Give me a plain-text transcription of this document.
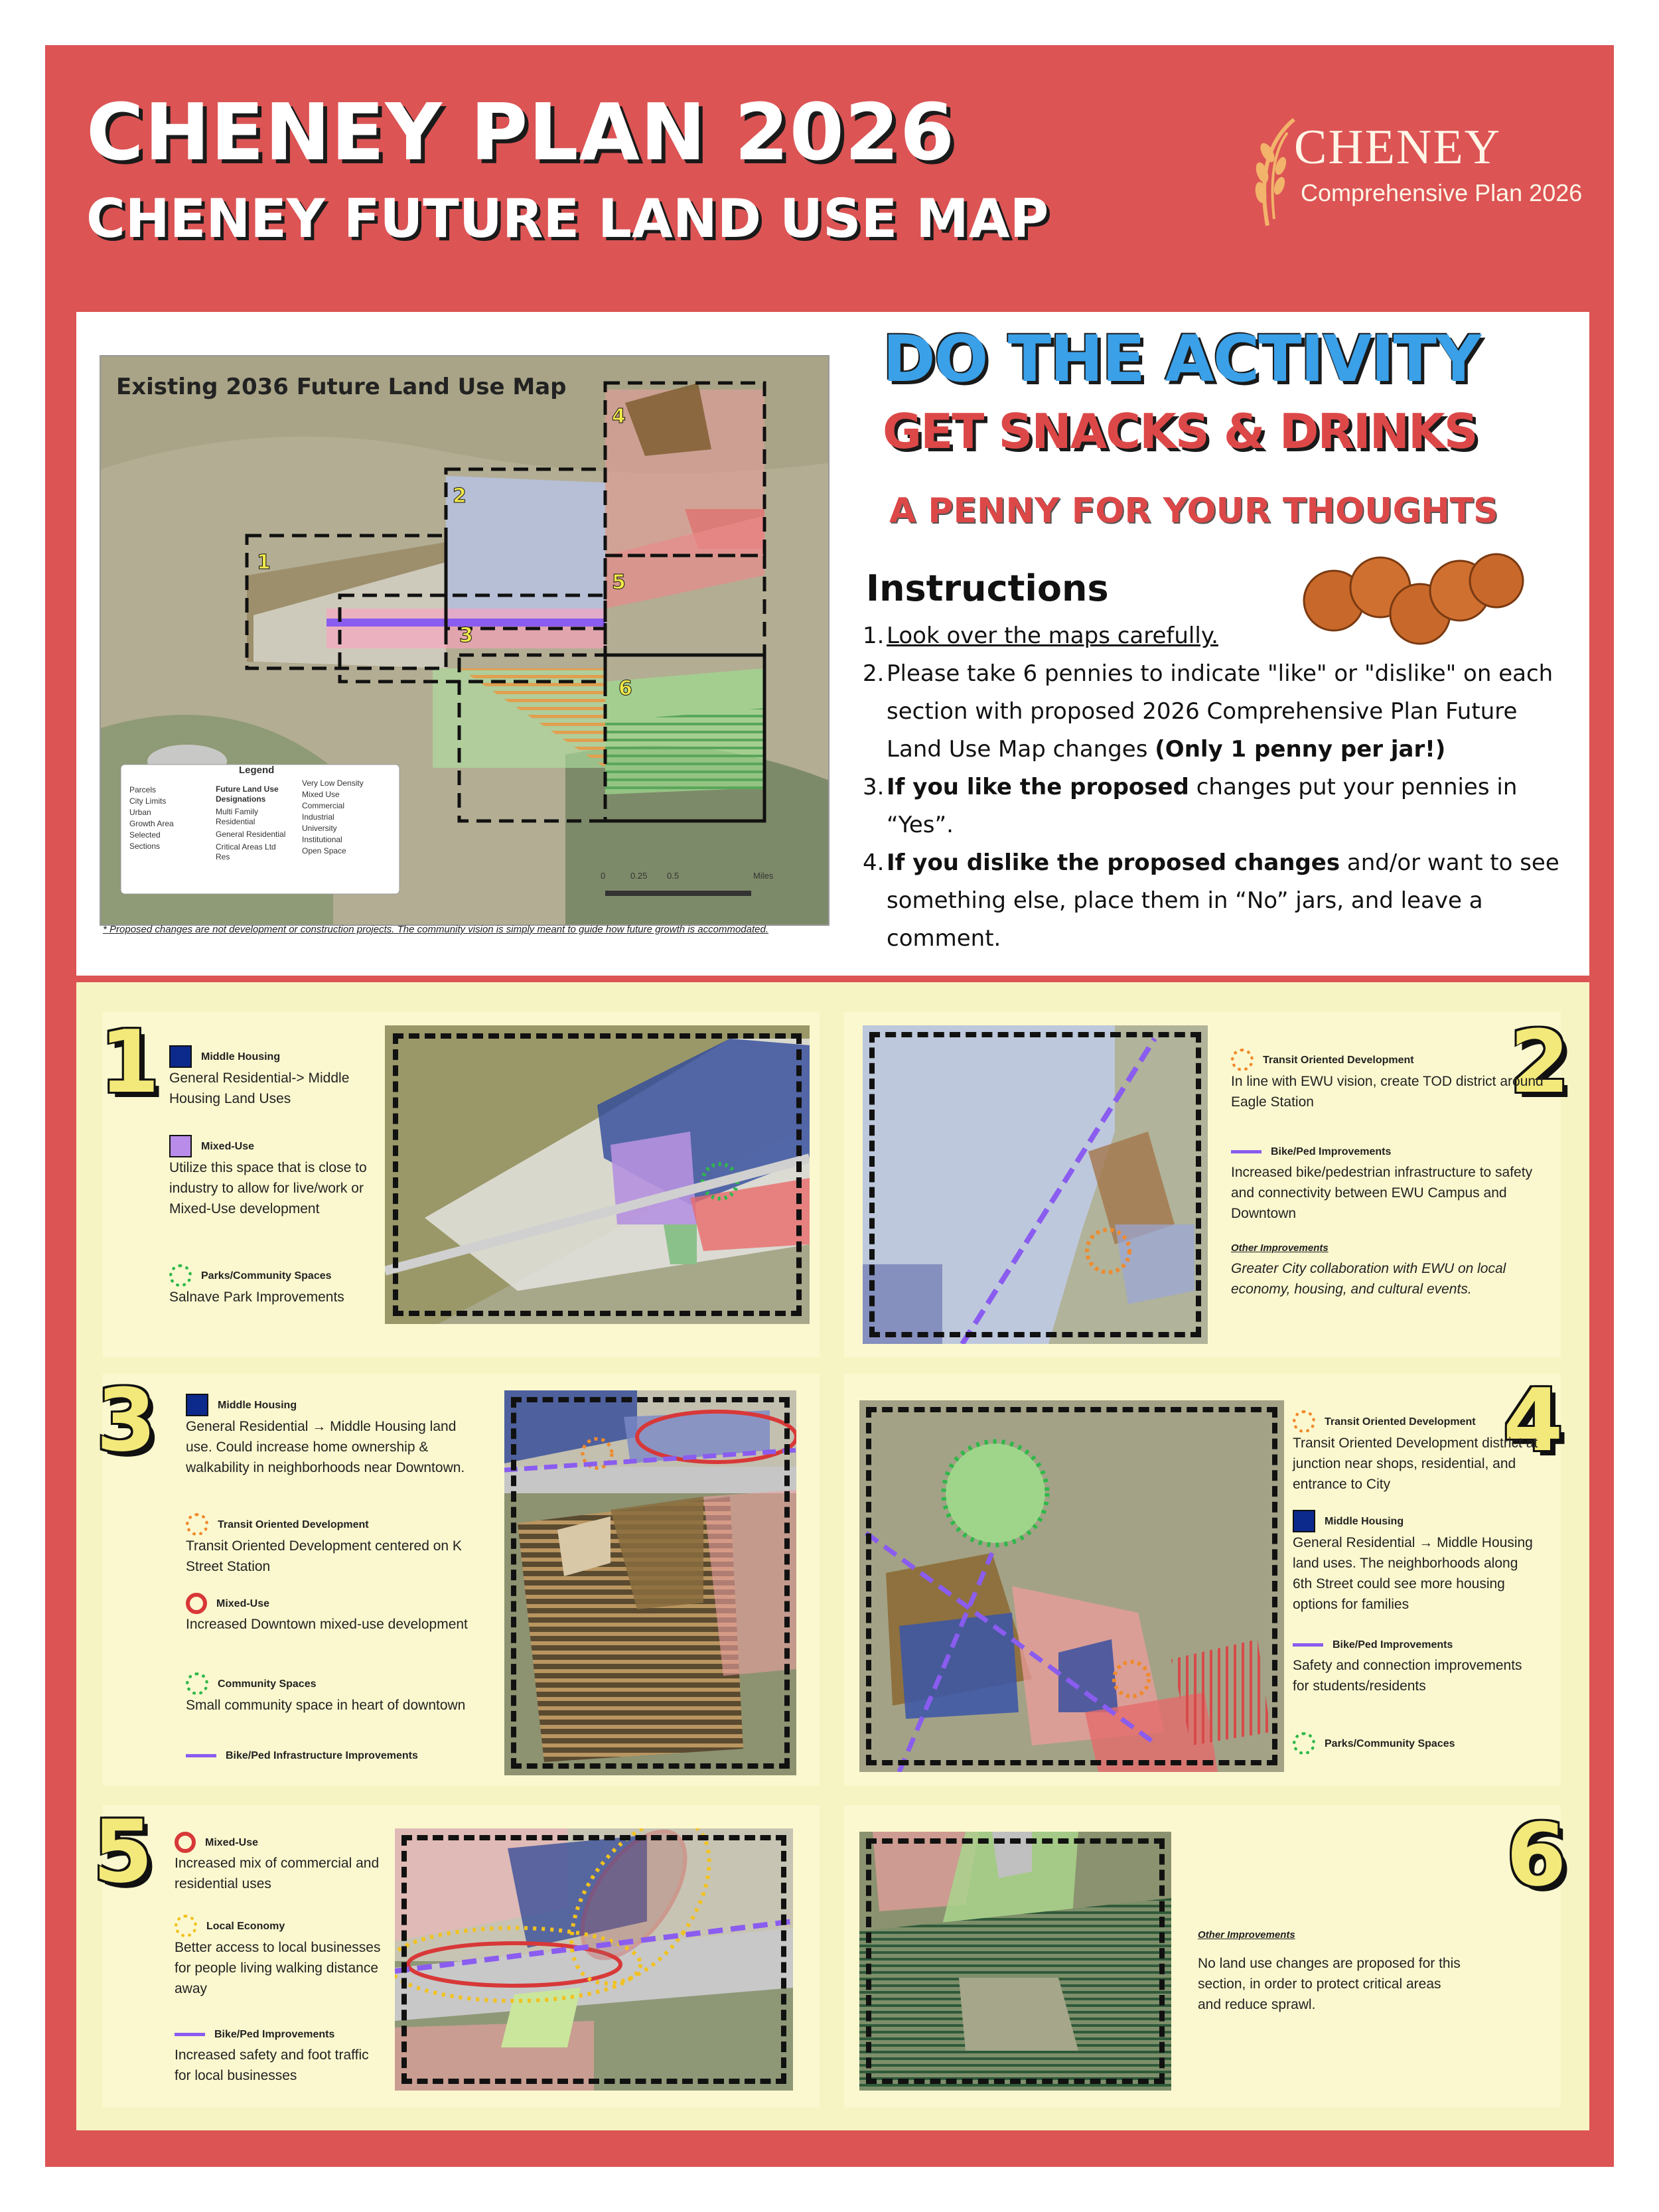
CHENEY PLAN 2026
CHENEY FUTURE LAND USE MAP
CHENEY
Comprehensive Plan 2026
1
2
3
4
5
6
Existing 2036 Future Land Use Map
Legend
Parcels
City Limits
Urban Growth Area
Selected Sections
Future Land Use Designations
Multi Family Residential
General Residential
Critical Areas Ltd Res
Very Low Density
Mixed Use
Commercial
Industrial
University
Institutional
Open Space
0	0.25 0.5	Miles
* Proposed changes are not development or construction projects. The community vision is simply meant to guide how future growth is accommodated.
DO THE ACTIVITY
GET SNACKS & DRINKS
A PENNY FOR YOUR THOUGHTS
Instructions
1. Look over the maps carefully.
2. Please take 6 pennies to indicate "like" or "dislike" on each section with proposed 2026 Comprehensive Plan Future Land Use Map changes (Only 1 penny per jar!)
3. If you like the proposed changes put your pennies in “Yes”.
4. If you dislike the proposed changes and/or want to see something else, place them in “No” jars, and leave a comment.
1	Middle Housing
General Residential-> Middle Housing Land Uses
Mixed-Use
Utilize this space that is close to industry to allow for live/work or Mixed-Use development
Parks/Community Spaces
Salnave Park Improvements
2
Transit Oriented Development
In line with EWU vision, create TOD district around Eagle Station
Bike/Ped Improvements
Increased bike/pedestrian infrastructure to safety and connectivity between EWU Campus and Downtown
Other Improvements
Greater City collaboration with EWU on local economy, housing, and cultural events.
3	Middle Housing
General Residential → Middle Housing land use. Could increase home ownership & walkability in neighborhoods near Downtown.
Transit Oriented Development
Transit Oriented Development centered on K Street Station
Mixed-Use
Increased Downtown mixed-use development
Community Spaces
Small community space in heart of downtown
Bike/Ped Infrastructure Improvements
4
Transit Oriented Development
Transit Oriented Development district at junction near shops, residential, and entrance to City
Middle Housing
General Residential → Middle Housing land uses. The neighborhoods along 6th Street could see more housing options for families
Bike/Ped Improvements
Safety and connection improvements for students/residents
Parks/Community Spaces
5	Mixed-Use
Increased mix of commercial and residential uses
Local Economy
Better access to local businesses for people living walking distance away
Bike/Ped Improvements
Increased safety and foot traffic for local businesses
6
Other Improvements
No land use changes are proposed for this section, in order to protect critical areas and reduce sprawl.
